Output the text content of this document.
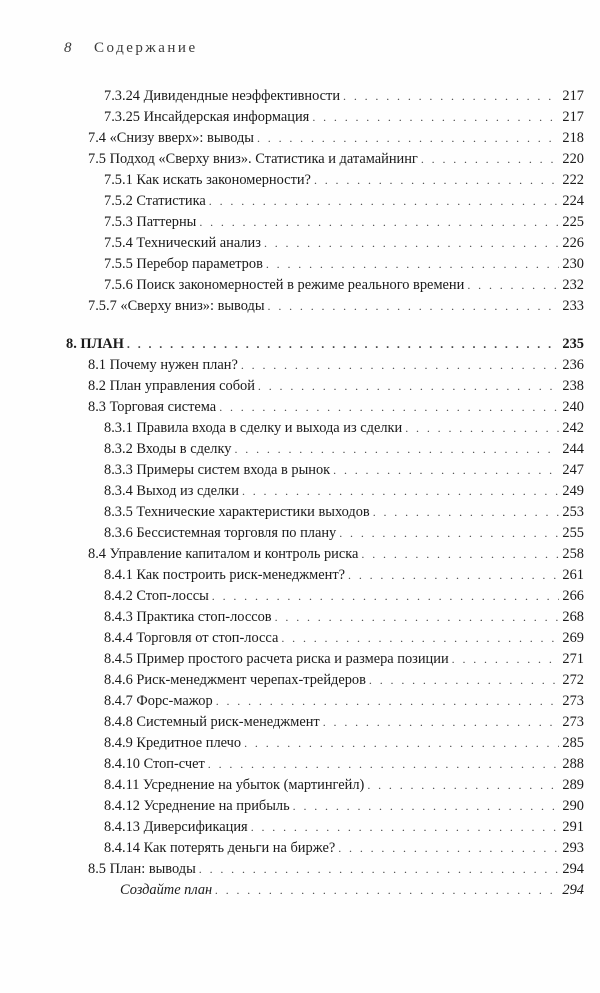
8 Содержание
7.3.24 Дивидендные неэффективности . . .	217
7.3.25 Инсайдерская информация . . .	217
7.4 «Снизу вверх»: выводы . . .	218
7.5 Подход «Сверху вниз». Статистика и датамайнинг . . .	220
7.5.1 Как искать закономерности? . . .	222
7.5.2 Статистика . . .	224
7.5.3 Паттерны . . .	225
7.5.4 Технический анализ . . .	226
7.5.5 Перебор параметров . . .	230
7.5.6 Поиск закономерностей в режиме реального времени . . .	232
7.5.7 «Сверху вниз»: выводы . . .	233
8. ПЛАН . . .	235
8.1 Почему нужен план? . . .	236
8.2 План управления собой . . .	238
8.3 Торговая система . . .	240
8.3.1 Правила входа в сделку и выхода из сделки . . .	242
8.3.2 Входы в сделку . . .	244
8.3.3 Примеры систем входа в рынок . . .	247
8.3.4 Выход из сделки . . .	249
8.3.5 Технические характеристики выходов . . .	253
8.3.6 Бессистемная торговля по плану . . .	255
8.4 Управление капиталом и контроль риска . . .	258
8.4.1 Как построить риск-менеджмент? . . .	261
8.4.2 Стоп-лоссы . . .	266
8.4.3 Практика стоп-лоссов . . .	268
8.4.4 Торговля от стоп-лосса . . .	269
8.4.5 Пример простого расчета риска и размера позиции . . .	271
8.4.6 Риск-менеджмент черепах-трейдеров . . .	272
8.4.7 Форс-мажор . . .	273
8.4.8 Системный риск-менеджмент . . .	273
8.4.9 Кредитное плечо . . .	285
8.4.10 Стоп-счет . . .	288
8.4.11 Усреднение на убыток (мартингейл) . . .	289
8.4.12 Усреднение на прибыль . . .	290
8.4.13 Диверсификация . . .	291
8.4.14 Как потерять деньги на бирже? . . .	293
8.5 План: выводы . . .	294
Создайте план . . .	294
